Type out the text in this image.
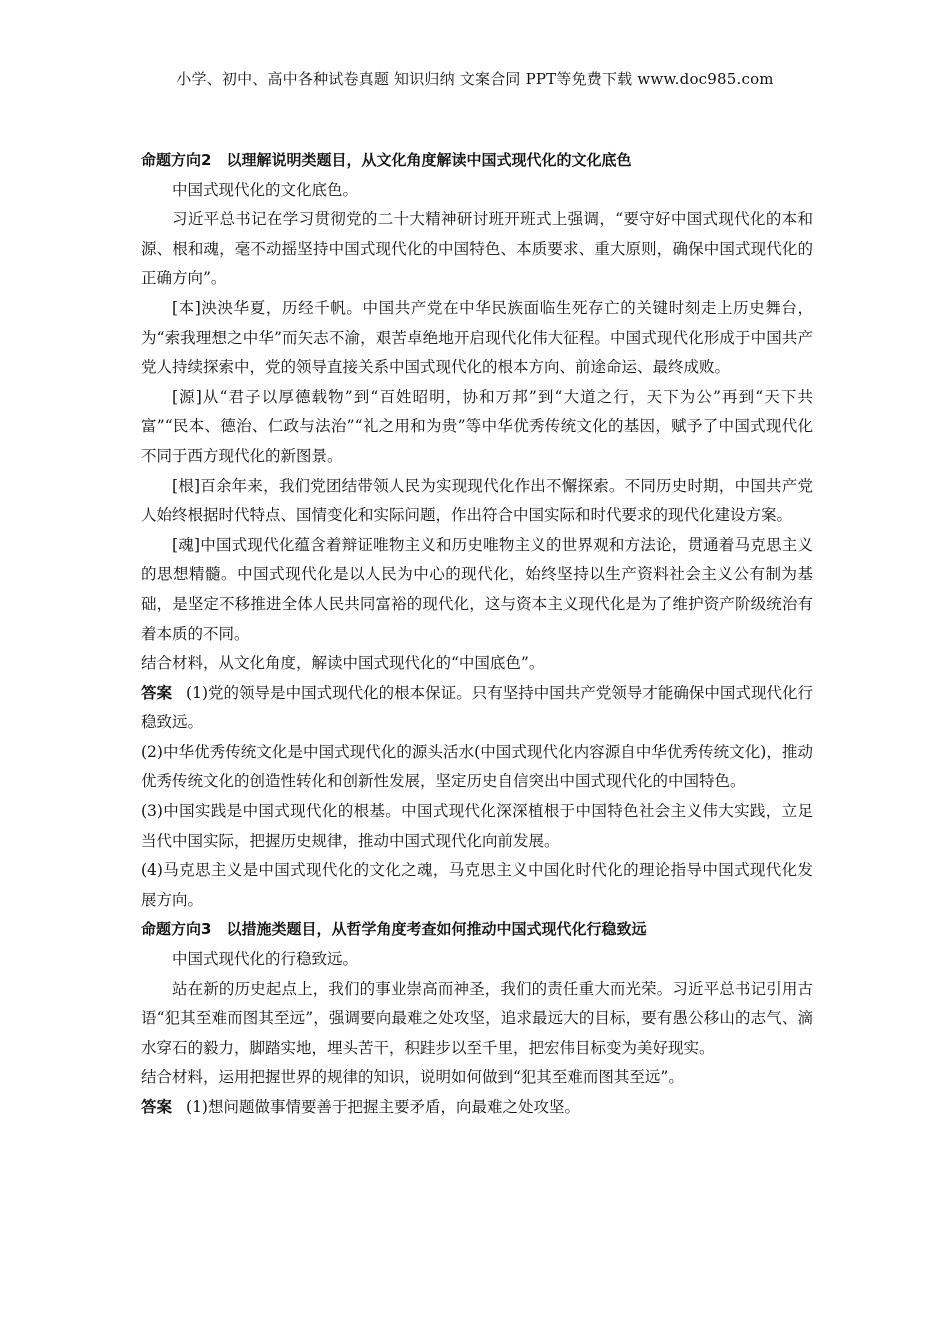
小学、初中、高中各种试卷真题 知识归纳 文案合同 PPT等免费下载 www.doc985.com

命题方向2　以理解说明类题目，从文化角度解读中国式现代化的文化底色

中国式现代化的文化底色。

习近平总书记在学习贯彻党的二十大精神研讨班开班式上强调，“要守好中国式现代化的本和源、根和魂，毫不动摇坚持中国式现代化的中国特色、本质要求、重大原则，确保中国式现代化的正确方向”。

[本]泱泱华夏，历经千帆。中国共产党在中华民族面临生死存亡的关键时刻走上历史舞台，为“索我理想之中华”而矢志不渝，艰苦卓绝地开启现代化伟大征程。中国式现代化形成于中国共产党人持续探索中，党的领导直接关系中国式现代化的根本方向、前途命运、最终成败。

[源]从“君子以厚德载物”到“百姓昭明，协和万邦”到“大道之行，天下为公”再到“天下共富”“民本、德治、仁政与法治”“礼之用和为贵”等中华优秀传统文化的基因，赋予了中国式现代化不同于西方现代化的新图景。

[根]百余年来，我们党团结带领人民为实现现代化作出不懈探索。不同历史时期，中国共产党人始终根据时代特点、国情变化和实际问题，作出符合中国实际和时代要求的现代化建设方案。

[魂]中国式现代化蕴含着辩证唯物主义和历史唯物主义的世界观和方法论，贯通着马克思主义的思想精髓。中国式现代化是以人民为中心的现代化，始终坚持以生产资料社会主义公有制为基础，是坚定不移推进全体人民共同富裕的现代化，这与资本主义现代化是为了维护资产阶级统治有着本质的不同。

结合材料，从文化角度，解读中国式现代化的“中国底色”。

答案 (1)党的领导是中国式现代化的根本保证。只有坚持中国共产党领导才能确保中国式现代化行稳致远。

(2)中华优秀传统文化是中国式现代化的源头活水(中国式现代化内容源自中华优秀传统文化)，推动优秀传统文化的创造性转化和创新性发展，坚定历史自信突出中国式现代化的中国特色。

(3)中国实践是中国式现代化的根基。中国式现代化深深植根于中国特色社会主义伟大实践，立足当代中国实际，把握历史规律，推动中国式现代化向前发展。

(4)马克思主义是中国式现代化的文化之魂，马克思主义中国化时代化的理论指导中国式现代化发展方向。

命题方向3　以措施类题目，从哲学角度考查如何推动中国式现代化行稳致远

中国式现代化的行稳致远。

站在新的历史起点上，我们的事业崇高而神圣，我们的责任重大而光荣。习近平总书记引用古语“犯其至难而图其至远”，强调要向最难之处攻坚，追求最远大的目标，要有愚公移山的志气、滴水穿石的毅力，脚踏实地，埋头苦干，积跬步以至千里，把宏伟目标变为美好现实。

结合材料，运用把握世界的规律的知识，说明如何做到“犯其至难而图其至远”。

答案 (1)想问题做事情要善于把握主要矛盾，向最难之处攻坚。
